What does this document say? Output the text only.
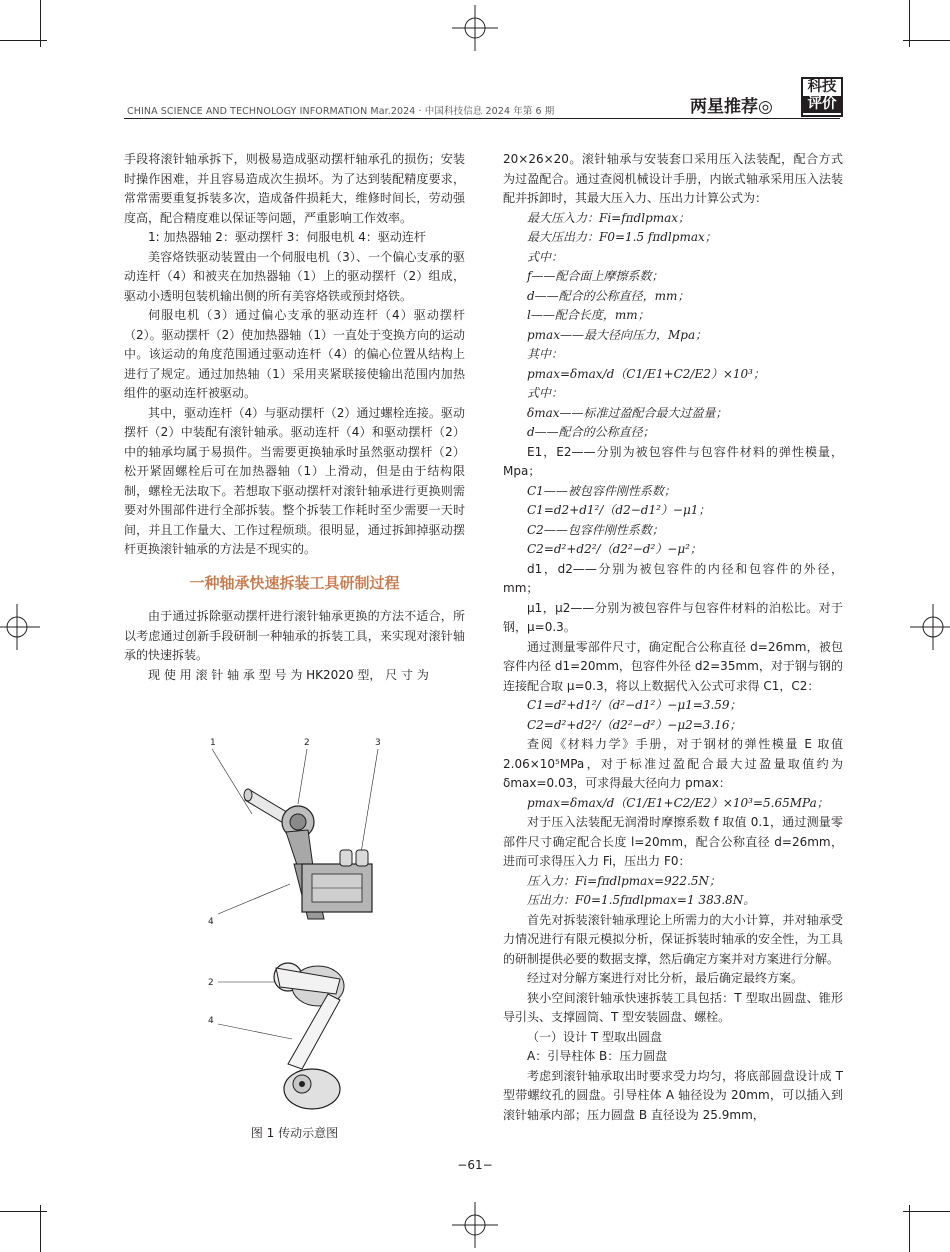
CHINA SCIENCE AND TECHNOLOGY INFORMATION Mar.2024 · 中国科技信息 2024 年第 6 期	两星推荐◎
科技
评价

手段将滚针轴承拆下，则极易造成驱动摆杆轴承孔的损伤；安装时操作困难，并且容易造成次生损坏。为了达到装配精度要求，常常需要重复拆装多次，造成备件损耗大，维修时间长，劳动强度高，配合精度难以保证等问题，严重影响工作效率。

1: 加热器轴 2：驱动摆杆 3：伺服电机 4：驱动连杆

美容烙铁驱动装置由一个伺服电机（3）、一个偏心支承的驱动连杆（4）和被夹在加热器轴（1）上的驱动摆杆（2）组成，驱动小透明包装机输出侧的所有美容烙铁或预封烙铁。

伺服电机（3）通过偏心支承的驱动连杆（4）驱动摆杆（2）。驱动摆杆（2）使加热器轴（1）一直处于变换方向的运动中。该运动的角度范围通过驱动连杆（4）的偏心位置从结构上进行了规定。通过加热轴（1）采用夹紧联接使输出范围内加热组件的驱动连杆被驱动。

其中，驱动连杆（4）与驱动摆杆（2）通过螺栓连接。驱动摆杆（2）中装配有滚针轴承。驱动连杆（4）和驱动摆杆（2）中的轴承均属于易损件。当需要更换轴承时虽然驱动摆杆（2）松开紧固螺栓后可在加热器轴（1）上滑动，但是由于结构限制，螺栓无法取下。若想取下驱动摆杆对滚针轴承进行更换则需要对外围部件进行全部拆装。整个拆装工作耗时至少需要一天时间，并且工作量大、工作过程烦琐。很明显，通过拆卸掉驱动摆杆更换滚针轴承的方法是不现实的。

一种轴承快速拆装工具研制过程

由于通过拆除驱动摆杆进行滚针轴承更换的方法不适合，所以考虑通过创新手段研制一种轴承的拆装工具，来实现对滚针轴承的快速拆装。

现 使 用 滚 针 轴 承 型 号 为 HK2020 型， 尺 寸 为

1	2	3
4
2
4
图 1 传动示意图

20×26×20。滚针轴承与安装套口采用压入法装配，配合方式为过盈配合。通过查阅机械设计手册，内嵌式轴承采用压入法装配并拆卸时，其最大压入力、压出力计算公式为：

最大压入力：Fi=fπdlpmax；

最大压出力：F0=1.5 fπdlpmax；

式中：

f——配合面上摩擦系数；

d——配合的公称直径，mm；

l——配合长度，mm；

pmax——最大径向压力，Mpa；

其中：

pmax=δmax/d（C1/E1+C2/E2）×10³；

式中：

δmax——标准过盈配合最大过盈量；

d——配合的公称直径；

E1，E2——分别为被包容件与包容件材料的弹性模量，Mpa；

C1——被包容件刚性系数；

C1=d2+d1²/（d2−d1²）−μ1；

C2——包容件刚性系数；

C2=d²+d2²/（d2²−d²）−μ²；

d1，d2——分别为被包容件的内径和包容件的外径，mm；

μ1，μ2——分别为被包容件与包容件材料的泊松比。对于钢，μ=0.3。

通过测量零部件尺寸，确定配合公称直径 d=26mm，被包容件内径 d1=20mm，包容件外径 d2=35mm，对于钢与钢的连接配合取 μ=0.3，将以上数据代入公式可求得 C1，C2：

C1=d²+d1²/（d²−d1²）−μ1=3.59；

C2=d²+d2²/（d2²−d²）−μ2=3.16；

查阅《材料力学》手册，对于钢材的弹性模量 E 取值 2.06×10⁵MPa，对于标准过盈配合最大过盈量取值约为 δmax=0.03，可求得最大径向力 pmax：

pmax=δmax/d（C1/E1+C2/E2）×10³=5.65MPa；

对于压入法装配无润滑时摩擦系数 f 取值 0.1，通过测量零部件尺寸确定配合长度 l=20mm，配合公称直径 d=26mm，进而可求得压入力 Fi，压出力 F0：

压入力：Fi=fπdlpmax=922.5N；

压出力：F0=1.5fπdlpmax=1 383.8N。

首先对拆装滚针轴承理论上所需力的大小计算，并对轴承受力情况进行有限元模拟分析，保证拆装时轴承的安全性，为工具的研制提供必要的数据支撑，然后确定方案并对方案进行分解。

经过对分解方案进行对比分析，最后确定最终方案。

狭小空间滚针轴承快速拆装工具包括：T 型取出圆盘、锥形导引头、支撑圆筒、T 型安装圆盘、螺栓。

（一）设计 T 型取出圆盘

A：引导柱体 B：压力圆盘

考虑到滚针轴承取出时要求受力均匀，将底部圆盘设计成 T 型带螺纹孔的圆盘。引导柱体 A 轴径设为 20mm，可以插入到滚针轴承内部；压力圆盘 B 直径设为 25.9mm，

−61−
